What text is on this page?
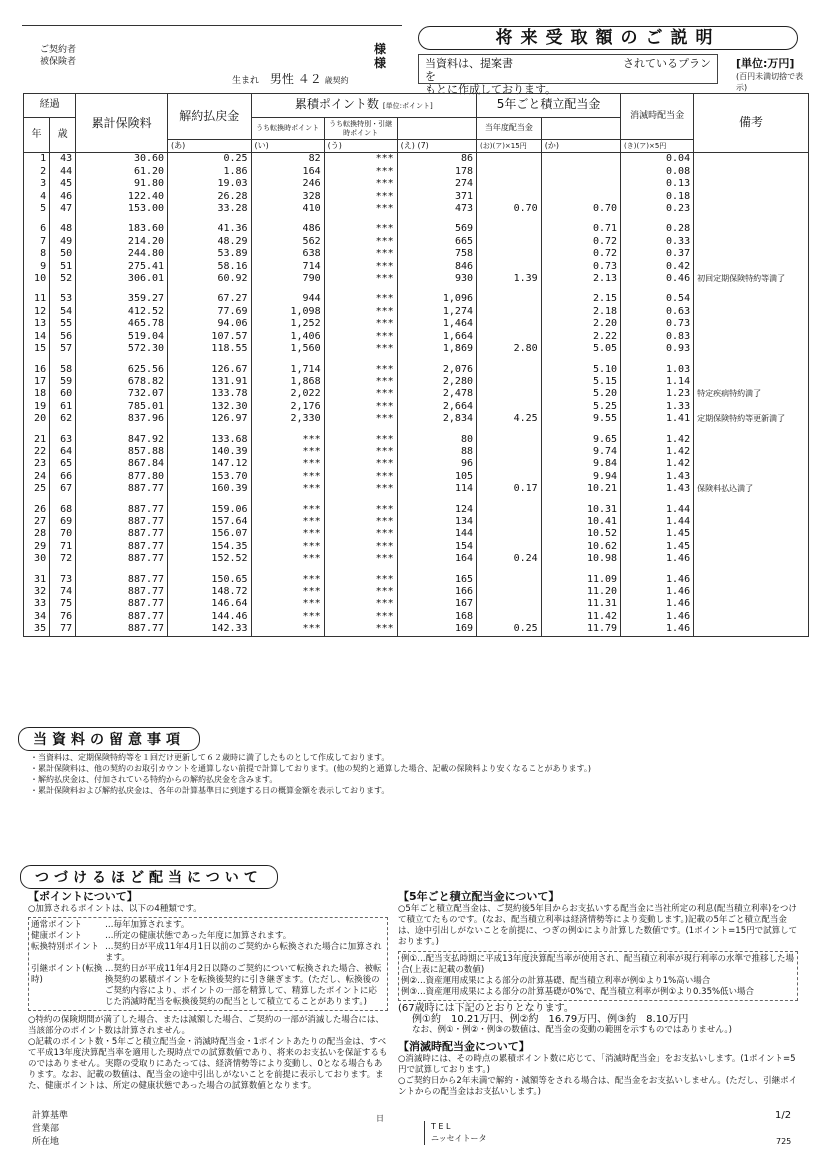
ご契約者
被保険者
様
様
生まれ 男性 ４２ 歳契約
将来受取額のご説明
当資料は、提案書	されているプランを
もとに作成しております。
[単位:万円]
(百円未満切捨で表示)
経過		累計保険料	解約払戻金	累積ポイント数 [単位:ポイント]			5年ごと積立配当金		消滅時配当金	備考
年	歳			うち転換時ポイント	うち転換特別・引継時ポイント		当年度配当金			
			(あ)	(い)	(う)	(え) (7)	(お)(ア)×15円	(か)	(き)(ア)×5円	
1	43	30.60	0.25	82	***	86			0.04	
2	44	61.20	1.86	164	***	178			0.08	
3	45	91.80	19.03	246	***	274			0.13	
4	46	122.40	26.28	328	***	371			0.18	
5	47	153.00	33.28	410	***	473	0.70	0.70	0.23	

6	48	183.60	41.36	486	***	569		0.71	0.28	
7	49	214.20	48.29	562	***	665		0.72	0.33	
8	50	244.80	53.89	638	***	758		0.72	0.37	
9	51	275.41	58.16	714	***	846		0.73	0.42	
10	52	306.01	60.92	790	***	930	1.39	2.13	0.46	初回定期保険特約等満了

11	53	359.27	67.27	944	***	1,096		2.15	0.54	
12	54	412.52	77.69	1,098	***	1,274		2.18	0.63	
13	55	465.78	94.06	1,252	***	1,464		2.20	0.73	
14	56	519.04	107.57	1,406	***	1,664		2.22	0.83	
15	57	572.30	118.55	1,560	***	1,869	2.80	5.05	0.93	

16	58	625.56	126.67	1,714	***	2,076		5.10	1.03	
17	59	678.82	131.91	1,868	***	2,280		5.15	1.14	
18	60	732.07	133.78	2,022	***	2,478		5.20	1.23	特定疾病特約満了
19	61	785.01	132.30	2,176	***	2,664		5.25	1.33	
20	62	837.96	126.97	2,330	***	2,834	4.25	9.55	1.41	定期保険特約等更新満了

21	63	847.92	133.68	***	***	80		9.65	1.42	
22	64	857.88	140.39	***	***	88		9.74	1.42	
23	65	867.84	147.12	***	***	96		9.84	1.42	
24	66	877.80	153.70	***	***	105		9.94	1.43	
25	67	887.77	160.39	***	***	114	0.17	10.21	1.43	保険料払込満了

26	68	887.77	159.06	***	***	124		10.31	1.44	
27	69	887.77	157.64	***	***	134		10.41	1.44	
28	70	887.77	156.07	***	***	144		10.52	1.45	
29	71	887.77	154.35	***	***	154		10.62	1.45	
30	72	887.77	152.52	***	***	164	0.24	10.98	1.46	

31	73	887.77	150.65	***	***	165		11.09	1.46	
32	74	887.77	148.72	***	***	166		11.20	1.46	
33	75	887.77	146.64	***	***	167		11.31	1.46	
34	76	887.77	144.46	***	***	168		11.42	1.46	
35	77	887.77	142.33	***	***	169	0.25	11.79	1.46	
当資料の留意事項
・当資料は、定期保険特約等を１回だけ更新して６２歳時に満了したものとして作成しております。
・累計保険料は、他の契約のお取引カウントを通算しない前提で計算しております。(他の契約と通算した場合、記載の保険料より安くなることがあります。)
・解約払戻金は、付加されている特約からの解約払戻金を含みます。
・累計保険料および解約払戻金は、各年の計算基準日に到達する日の概算金額を表示しております。
つづけるほど配当について
【ポイントについて】
○加算されるポイントは、以下の4種類です。
通常ポイント	…毎年加算されます。
健康ポイント	…所定の健康状態であった年度に加算されます。
転換特別ポイント …契約日が平成11年4月1日以前のご契約から転換された場合に加算されます。
引継ポイント(転換時)
…契約日が平成11年4月2日以降のご契約について転換された場合、被転換契約の累積ポイントを転換後契約に引き継ぎます。(ただし、転換後のご契約内容により、ポイントの一部を精算して、精算したポイントに応じた消滅時配当を転換後契約の配当として積立てることがあります。)
○特約の保険期間が満了した場合、または減額した場合、ご契約の一部が消滅した場合には、当該部分のポイント数は計算されません。
○記載のポイント数・5年ごと積立配当金・消滅時配当金・1ポイントあたりの配当金は、すべて平成13年度決算配当率を適用した現時点での試算数値であり、将来のお支払いを保証するものではありません。実際の受取りにあたっては、経済情勢等により変動し、0となる場合もあります。なお、記載の数値は、配当金の途中引出しがないことを前提に表示しております。また、健康ポイントは、所定の健康状態であった場合の試算数値となります。
【5年ごと積立配当金について】
○5年ごと積立配当金は、ご契約後5年目からお支払いする配当金に当社所定の利息(配当積立利率)をつけて積立てたものです。(なお、配当積立利率は経済情勢等により変動します。)記載の5年ごと積立配当金は、途中引出しがないことを前提に、つぎの例①により計算した数値です。(1ポイント=15円で試算しております。)
例①…配当支払時期に平成13年度決算配当率が使用され、配当積立利率が現行利率の水準で推移した場合(上表に記載の数値)
例②…資産運用成果による部分の計算基礎、配当積立利率が例①より1%高い場合
例③…資産運用成果による部分の計算基礎が0%で、配当積立利率が例①より0.35%低い場合
(67歳時には下記のとおりとなります。
例①約　10.21万円、例②約　16.79万円、例③約　8.10万円
なお、例①・例②・例③の数値は、配当金の変動の範囲を示すものではありません。)
【消滅時配当金について】
○消滅時には、その時点の累積ポイント数に応じて、「消滅時配当金」をお支払いします。(1ポイント=5円で試算しております。)
○ご契約日から2年未満で解約・減額等をされる場合は、配当金をお支払いしません。(ただし、引継ポイントからの配当金はお支払いします。)
計算基準
営業部
所在地
日
T E L
ニッセイトータ
1/2
725
